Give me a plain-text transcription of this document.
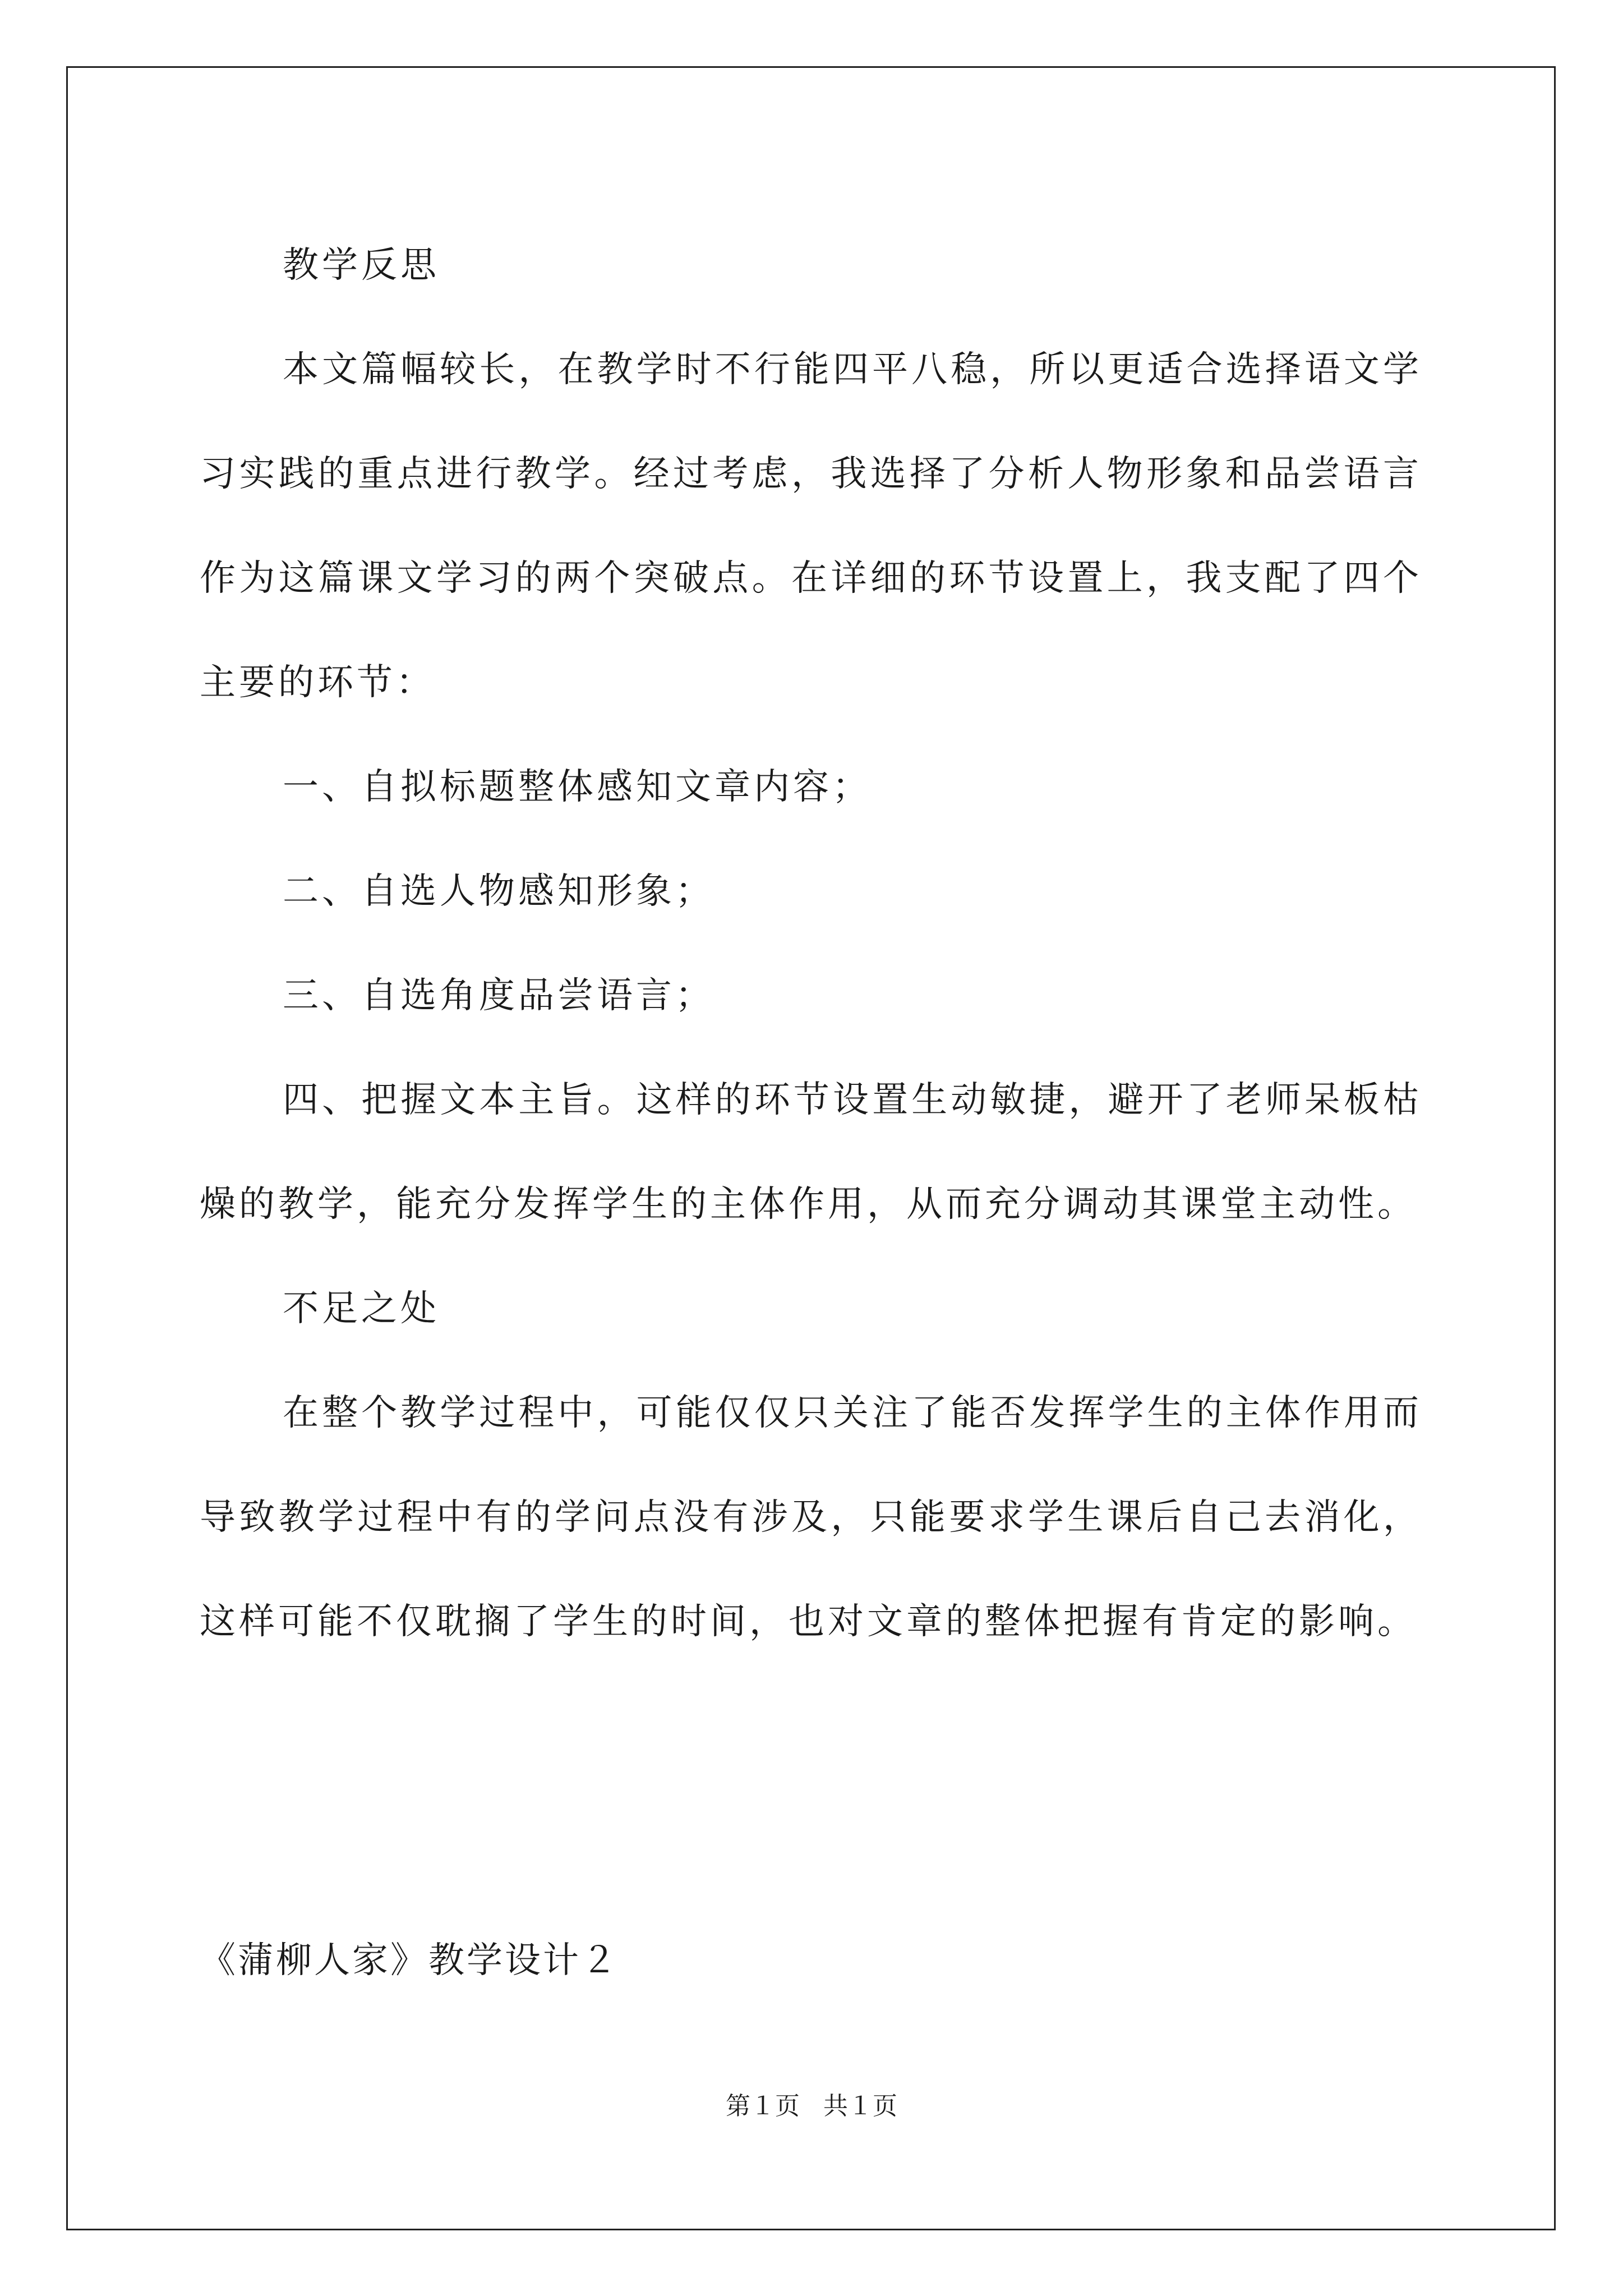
教学反思

本文篇幅较长，在教学时不行能四平八稳，所以更适合选择语文学习实践的重点进行教学。经过考虑，我选择了分析人物形象和品尝语言作为这篇课文学习的两个突破点。在详细的环节设置上，我支配了四个主要的环节：

一、自拟标题整体感知文章内容；

二、自选人物感知形象；

三、自选角度品尝语言；

四、把握文本主旨。这样的环节设置生动敏捷，避开了老师呆板枯燥的教学，能充分发挥学生的主体作用，从而充分调动其课堂主动性。

不足之处

在整个教学过程中，可能仅仅只关注了能否发挥学生的主体作用而导致教学过程中有的学问点没有涉及，只能要求学生课后自己去消化，这样可能不仅耽搁了学生的时间，也对文章的整体把握有肯定的影响。

《蒲柳人家》教学设计２

第１页 共１页
